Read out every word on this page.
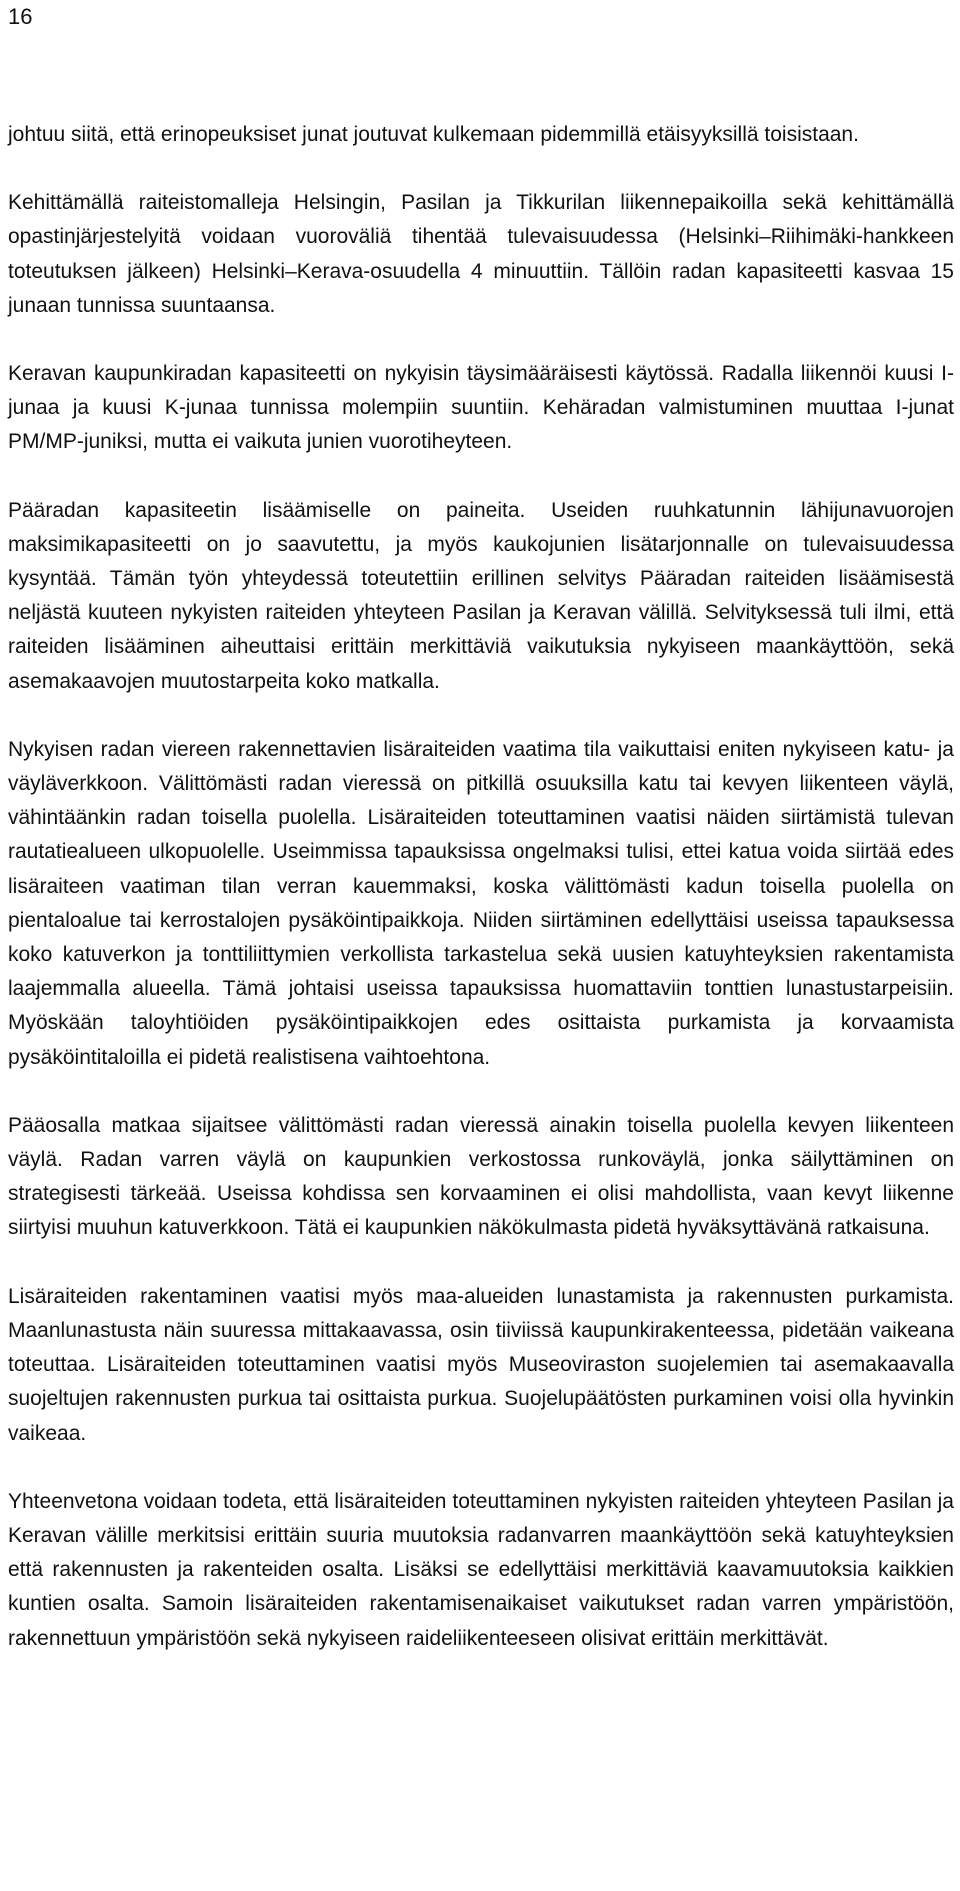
16

johtuu siitä, että erinopeuksiset junat joutuvat kulkemaan pidemmillä etäisyyksillä toisistaan.

Kehittämällä raiteistomalleja Helsingin, Pasilan ja Tikkurilan liikennepaikoilla sekä kehittämällä opastinjärjestelyitä voidaan vuoroväliä tihentää tulevaisuudessa (Helsinki–Riihimäki-hankkeen toteutuksen jälkeen) Helsinki–Kerava-osuudella 4 minuuttiin. Tällöin radan kapasiteetti kasvaa 15 junaan tunnissa suuntaansa.

Keravan kaupunkiradan kapasiteetti on nykyisin täysimääräisesti käytössä. Radalla liikennöi kuusi I-junaa ja kuusi K-junaa tunnissa molempiin suuntiin. Kehäradan valmistuminen muuttaa I-junat PM/MP-juniksi, mutta ei vaikuta junien vuorotiheyteen.

Pääradan kapasiteetin lisäämiselle on paineita. Useiden ruuhkatunnin lähijunavuorojen maksimikapasiteetti on jo saavutettu, ja myös kaukojunien lisätarjonnalle on tulevaisuudessa kysyntää. Tämän työn yhteydessä toteutettiin erillinen selvitys Pääradan raiteiden lisäämisestä neljästä kuuteen nykyisten raiteiden yhteyteen Pasilan ja Keravan välillä. Selvityksessä tuli ilmi, että raiteiden lisääminen aiheuttaisi erittäin merkittäviä vaikutuksia nykyiseen maankäyttöön, sekä asemakaavojen muutostarpeita koko matkalla.

Nykyisen radan viereen rakennettavien lisäraiteiden vaatima tila vaikuttaisi eniten nykyiseen katu- ja väyläverkkoon. Välittömästi radan vieressä on pitkillä osuuksilla katu tai kevyen liikenteen väylä, vähintäänkin radan toisella puolella. Lisäraiteiden toteuttaminen vaatisi näiden siirtämistä tulevan rautatiealueen ulkopuolelle. Useimmissa tapauksissa ongelmaksi tulisi, ettei katua voida siirtää edes lisäraiteen vaatiman tilan verran kauemmaksi, koska välittömästi kadun toisella puolella on pientaloalue tai kerrostalojen pysäköintipaikkoja. Niiden siirtäminen edellyttäisi useissa tapauksessa koko katuverkon ja tonttiliittymien verkollista tarkastelua sekä uusien katuyhteyksien rakentamista laajemmalla alueella. Tämä johtaisi useissa tapauksissa huomattaviin tonttien lunastustarpeisiin. Myöskään taloyhtiöiden pysäköintipaikkojen edes osittaista purkamista ja korvaamista pysäköintitaloilla ei pidetä realistisena vaihtoehtona.

Pääosalla matkaa sijaitsee välittömästi radan vieressä ainakin toisella puolella kevyen liikenteen väylä. Radan varren väylä on kaupunkien verkostossa runkoväylä, jonka säilyttäminen on strategisesti tärkeää. Useissa kohdissa sen korvaaminen ei olisi mahdollista, vaan kevyt liikenne siirtyisi muuhun katuverkkoon. Tätä ei kaupunkien näkökulmasta pidetä hyväksyttävänä ratkaisuna.

Lisäraiteiden rakentaminen vaatisi myös maa-alueiden lunastamista ja rakennusten purkamista. Maanlunastusta näin suuressa mittakaavassa, osin tiiviissä kaupunkirakenteessa, pidetään vaikeana toteuttaa. Lisäraiteiden toteuttaminen vaatisi myös Museoviraston suojelemien tai asemakaavalla suojeltujen rakennusten purkua tai osittaista purkua. Suojelupäätösten purkaminen voisi olla hyvinkin vaikeaa.

Yhteenvetona voidaan todeta, että lisäraiteiden toteuttaminen nykyisten raiteiden yhteyteen Pasilan ja Keravan välille merkitsisi erittäin suuria muutoksia radanvarren maankäyttöön sekä katuyhteyksien että rakennusten ja rakenteiden osalta. Lisäksi se edellyttäisi merkittäviä kaavamuutoksia kaikkien kuntien osalta. Samoin lisäraiteiden rakentamisenaikaiset vaikutukset radan varren ympäristöön, rakennettuun ympäristöön sekä nykyiseen raideliikenteeseen olisivat erittäin merkittävät.
